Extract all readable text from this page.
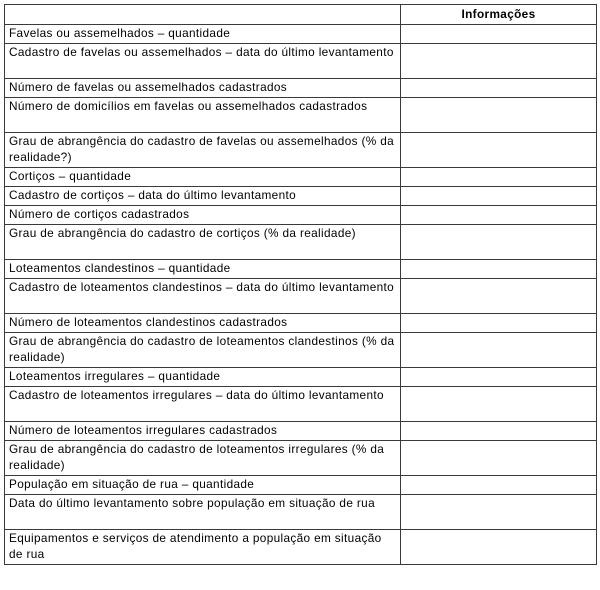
	Informações
Favelas ou assemelhados – quantidade	
Cadastro de favelas ou assemelhados – data do último levantamento	
Número de favelas ou assemelhados cadastrados	
Número de domicílios em favelas ou assemelhados cadastrados	
Grau de abrangência do cadastro de favelas ou assemelhados (% da realidade?)	
Cortiços – quantidade	
Cadastro de cortiços – data do último levantamento	
Número de cortiços cadastrados	
Grau de abrangência do cadastro de cortiços (% da realidade)	
Loteamentos clandestinos – quantidade	
Cadastro de loteamentos clandestinos – data do último levantamento	
Número de loteamentos clandestinos cadastrados	
Grau de abrangência do cadastro de loteamentos clandestinos (% da realidade)	
Loteamentos irregulares – quantidade	
Cadastro de loteamentos irregulares – data do último levantamento	
Número de loteamentos irregulares cadastrados	
Grau de abrangência do cadastro de loteamentos irregulares (% da realidade)	
População em situação de rua – quantidade	
Data do último levantamento sobre população em situação de rua	
Equipamentos e serviços de atendimento a população em situação de rua	
